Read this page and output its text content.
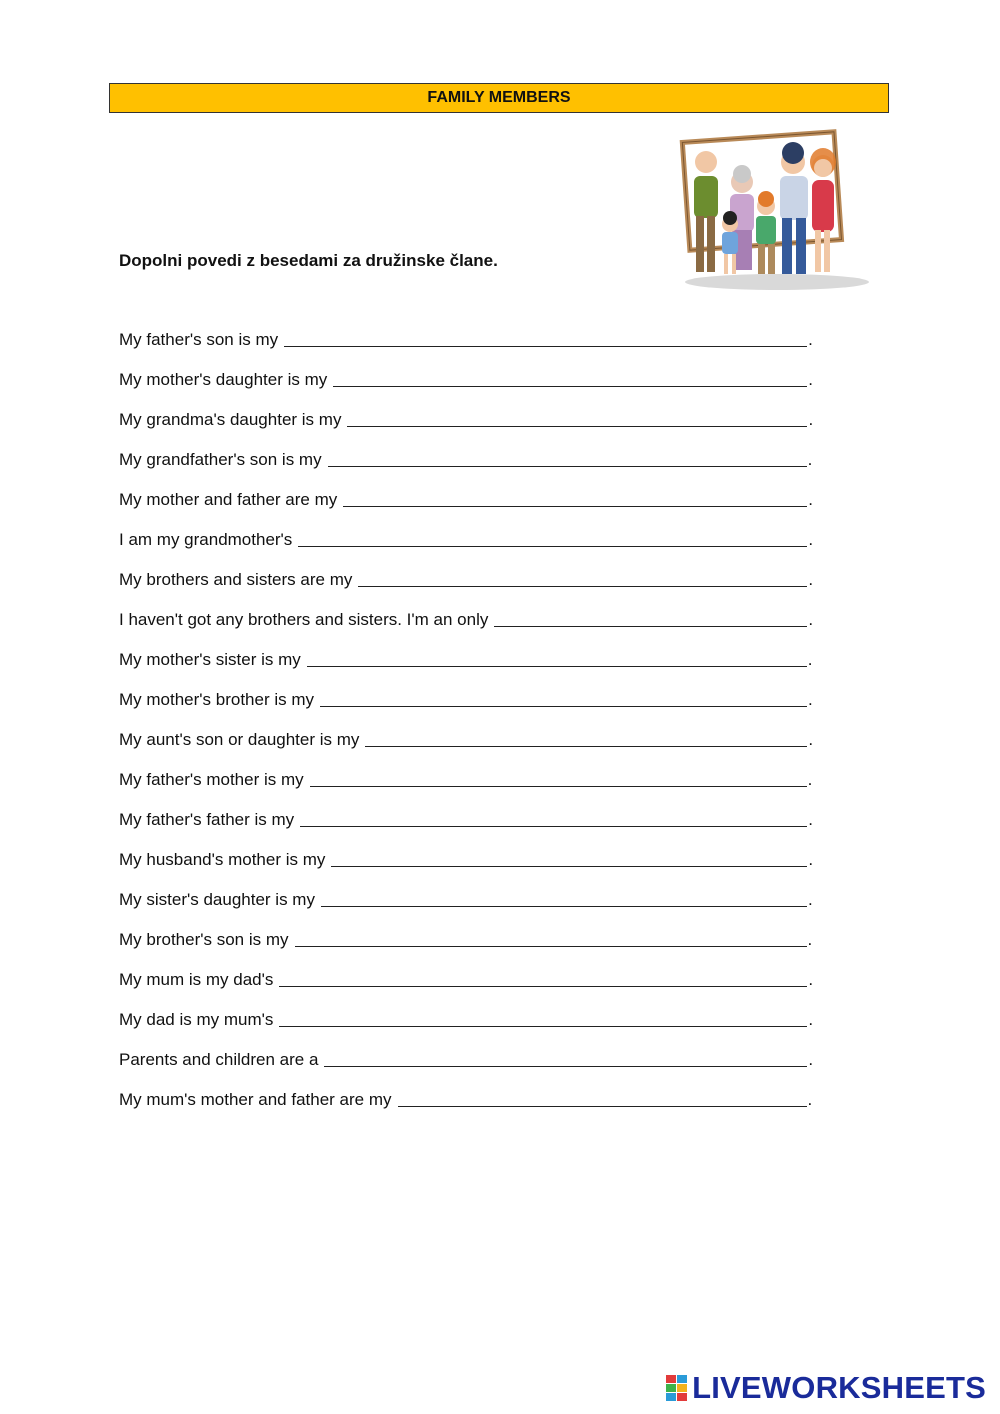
FAMILY MEMBERS
Dopolni povedi z besedami za družinske člane.
My father's son is my	.
My mother's daughter is my	.
My grandma's daughter is my	.
My grandfather's son is my	.
My mother and father are my	.
I am my grandmother's	.
My brothers and sisters are my	.
I haven't got any brothers and sisters. I'm an only	.
My mother's sister is my	.
My mother's brother is my	.
My aunt's son or daughter is my	.
My father's mother is my	.
My father's father is my	.
My husband's mother is my	.
My sister's daughter is my	.
My brother's son is my	.
My mum is my dad's	.
My dad is my mum's	.
Parents and children are a	.
My mum's mother and father are my	.
LIVEWORKSHEETS
